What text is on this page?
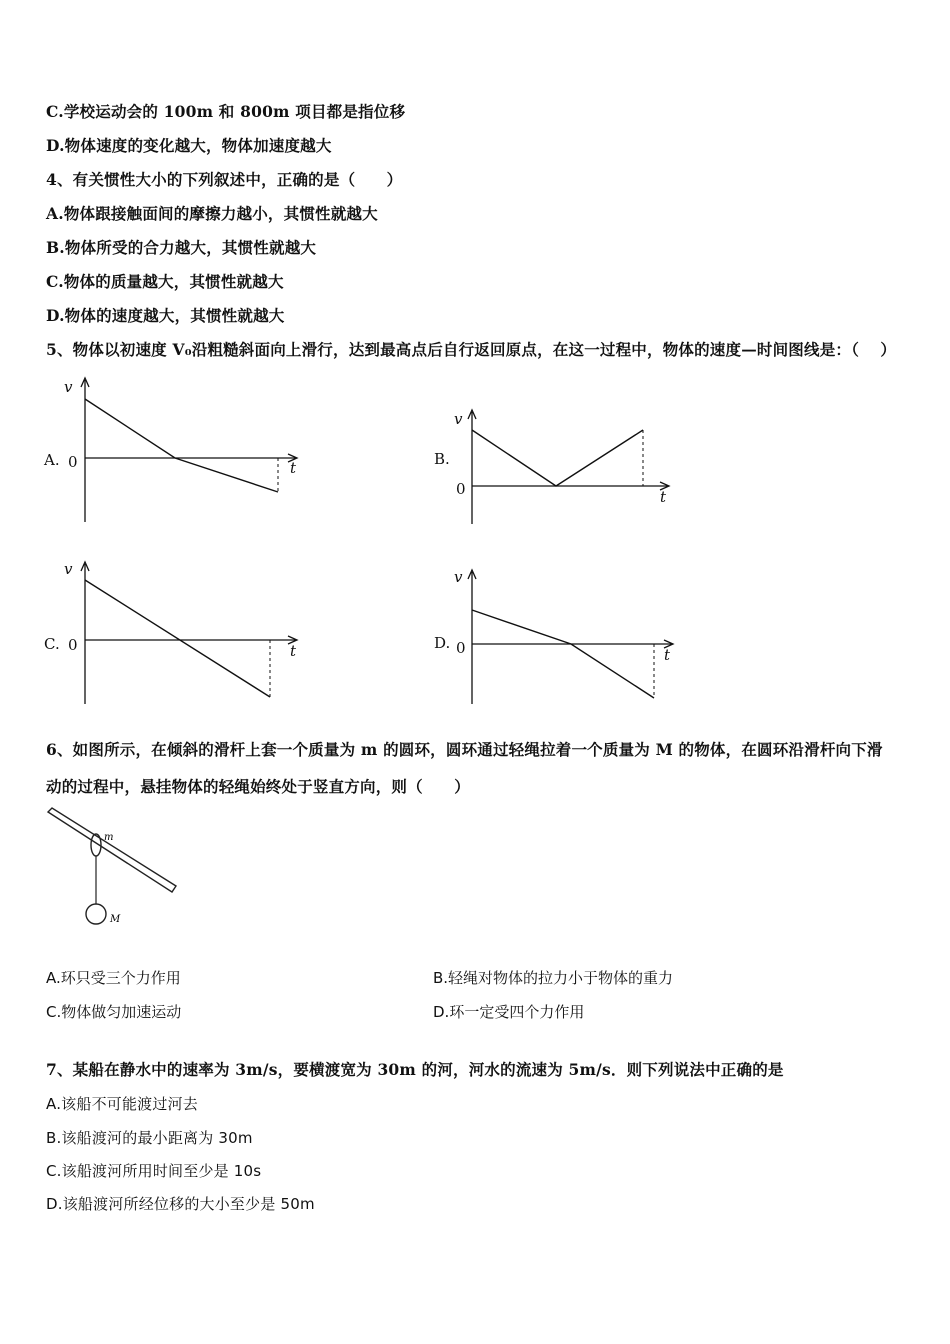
C.学校运动会的 100m 和 800m 项目都是指位移
D.物体速度的变化越大，物体加速度越大
4、有关惯性大小的下列叙述中，正确的是（　　）
A.物体跟接触面间的摩擦力越小，其惯性就越大
B.物体所受的合力越大，其惯性就越大
C.物体的质量越大，其惯性就越大
D.物体的速度越大，其惯性就越大
5、物体以初速度 V₀沿粗糙斜面向上滑行，达到最高点后自行返回原点，在这一过程中，物体的速度—时间图线是：（　 ）
A. 0
v
t	B.
0
v
t
C. 0
v
t	D. 0
v
t
6、如图所示，在倾斜的滑杆上套一个质量为 m 的圆环，圆环通过轻绳拉着一个质量为 M 的物体，在圆环沿滑杆向下滑
动的过程中，悬挂物体的轻绳始终处于竖直方向，则（　　）
m
M
A.环只受三个力作用	B.轻绳对物体的拉力小于物体的重力
C.物体做匀加速运动	D.环一定受四个力作用
7、某船在静水中的速率为 3m/s，要横渡宽为 30m 的河，河水的流速为 5m/s．则下列说法中正确的是
A.该船不可能渡过河去
B.该船渡河的最小距离为 30m
C.该船渡河所用时间至少是 10s
D.该船渡河所经位移的大小至少是 50m
